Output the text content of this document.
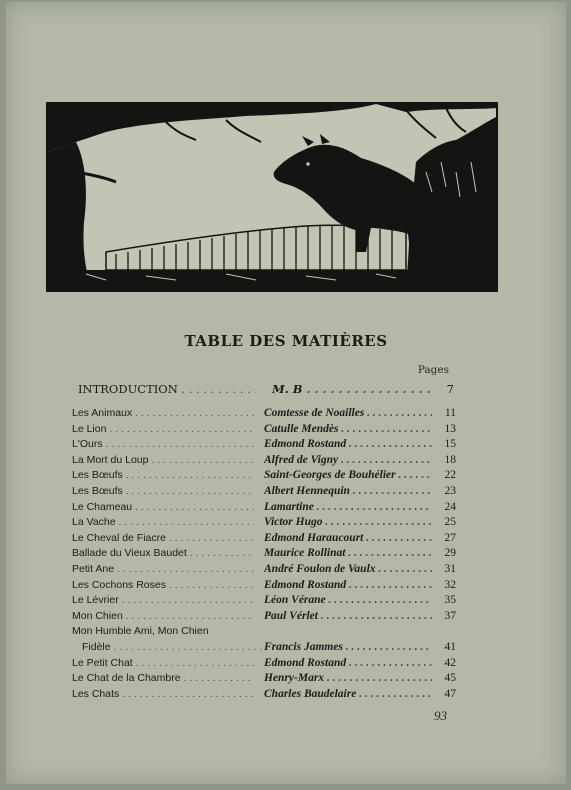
TABLE DES MATIÈRES
Pages
INTRODUCTION . . .	M. B . . .	7
Les Animaux . . .	Comtesse de Noailles . . .	11
Le Lion . . .	Catulle Mendès . . .	13
L'Ours . . .	Edmond Rostand . . .	15
La Mort du Loup . . .	Alfred de Vigny . . .	18
Les Bœufs . . .	Saint-Georges de Bouhélier . . .	22
Les Bœufs . . .	Albert Hennequin . . .	23
Le Chameau . . .	Lamartine . . .	24
La Vache . . .	Victor Hugo . . .	25
Le Cheval de Fiacre . . .	Edmond Haraucourt . . .	27
Ballade du Vieux Baudet . . .	Maurice Rollinat . . .	29
Petit Ane . . .	André Foulon de Vaulx . . .	31
Les Cochons Roses . . .	Edmond Rostand . . .	32
Le Lévrier . . .	Léon Vérane . . .	35
Mon Chien . . .	Paul Vérlet . . .	37
Mon Humble Ami, Mon Chien
Fidèle . . .	Francis Jammes . . .	41
Le Petit Chat . . .	Edmond Rostand . . .	42
Le Chat de la Chambre . . .	Henry-Marx . . .	45
Les Chats . . .	Charles Baudelaire . . .	47
93
